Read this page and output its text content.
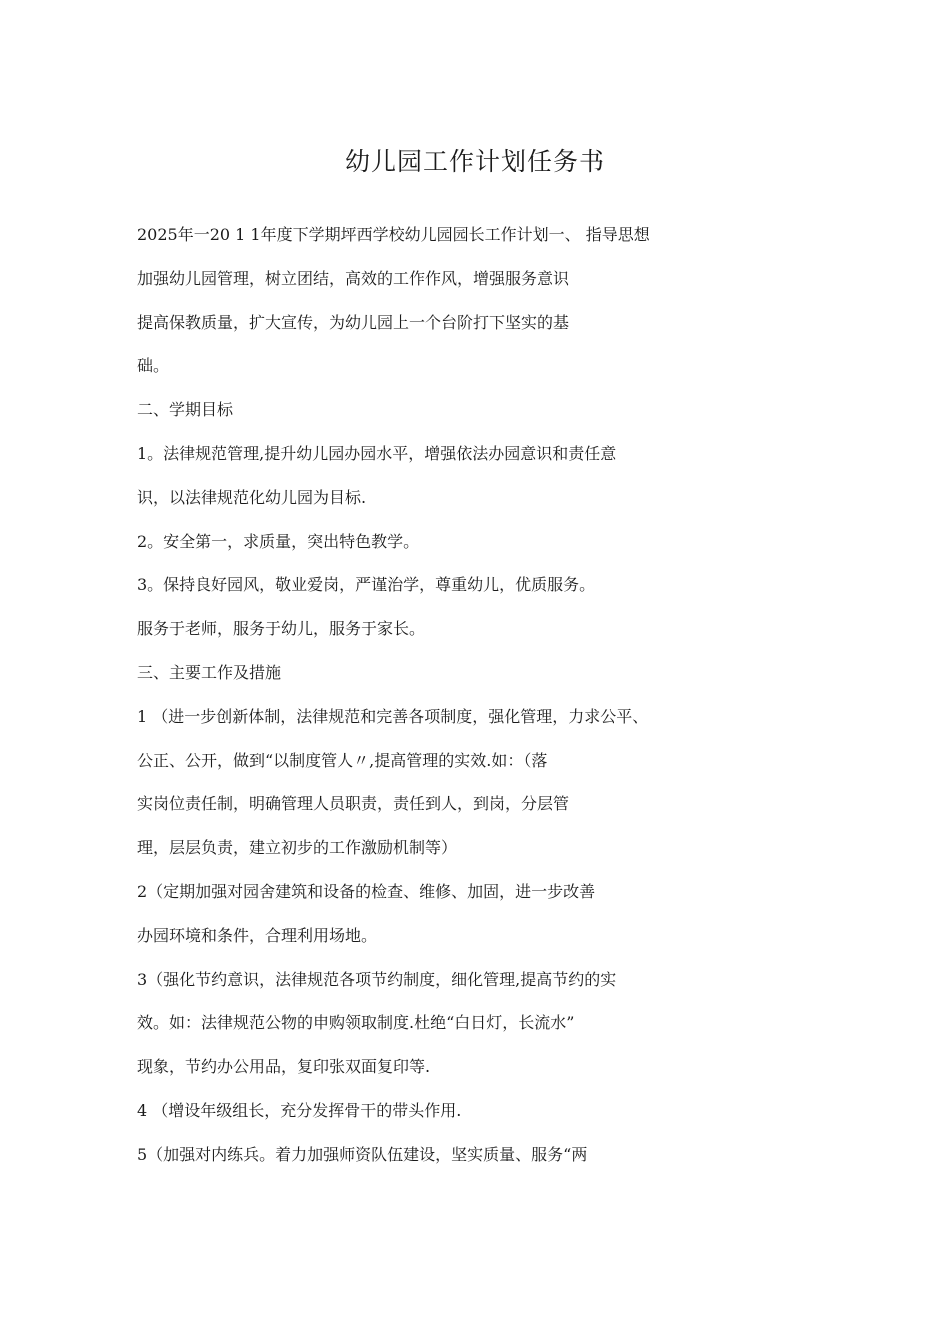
幼儿园工作计划任务书
2025年一20 1 1年度下学期坪西学校幼儿园园长工作计划一、 指导思想
加强幼儿园管理，树立团结，高效的工作作风，增强服务意识
提高保教质量，扩大宣传，为幼儿园上一个台阶打下坚实的基
础。
二、学期目标
1。法律规范管理,提升幼儿园办园水平，增强依法办园意识和责任意
识，以法律规范化幼儿园为目标.
2。安全第一，求质量，突出特色教学。
3。保持良好园风，敬业爱岗，严谨治学，尊重幼儿，优质服务。
服务于老师，服务于幼儿，服务于家长。
三、主要工作及措施
1 （进一步创新体制，法律规范和完善各项制度，强化管理，力求公平、
公正、公开，做到“以制度管人〃,提高管理的实效.如：（落
实岗位责任制，明确管理人员职责，责任到人，到岗，分层管
理，层层负责，建立初步的工作激励机制等）
2（定期加强对园舍建筑和设备的检查、维修、加固，进一步改善
办园环境和条件，合理利用场地。
3（强化节约意识，法律规范各项节约制度，细化管理,提高节约的实
效。如：法律规范公物的申购领取制度.杜绝“白日灯，长流水”
现象，节约办公用品，复印张双面复印等.
4 （增设年级组长，充分发挥骨干的带头作用.
5（加强对内练兵。着力加强师资队伍建设，坚实质量、服务“两
